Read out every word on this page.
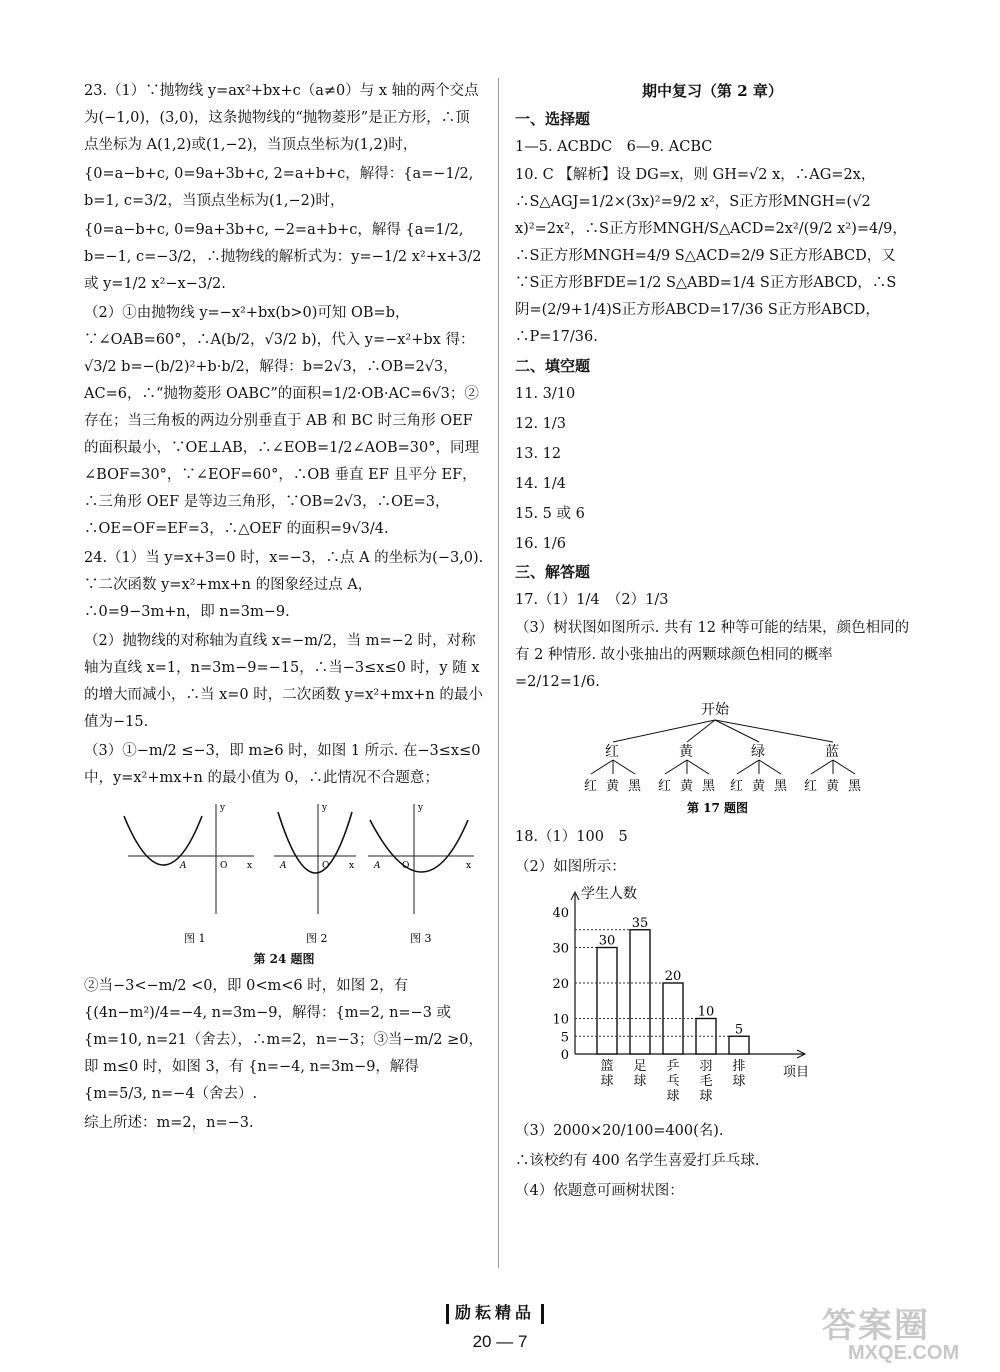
23.（1）∵抛物线 y=ax²+bx+c（a≠0）与 x 轴的两个交点为(−1,0)，(3,0)，这条抛物线的“抛物菱形”是正方形，∴顶点坐标为 A(1,2)或(1,−2)，当顶点坐标为(1,2)时，

{0=a−b+c, 0=9a+3b+c, 2=a+b+c，解得：{a=−1/2, b=1, c=3/2，当顶点坐标为(1,−2)时，

{0=a−b+c, 0=9a+3b+c, −2=a+b+c，解得 {a=1/2, b=−1, c=−3/2，∴抛物线的解析式为：y=−1/2 x²+x+3/2 或 y=1/2 x²−x−3/2.

（2）①由抛物线 y=−x²+bx(b>0)可知 OB=b，∵∠OAB=60°，∴A(b/2，√3/2 b)，代入 y=−x²+bx 得：√3/2 b=−(b/2)²+b·b/2，解得：b=2√3，∴OB=2√3，AC=6，∴“抛物菱形 OABC”的面积=1/2·OB·AC=6√3；②存在；当三角板的两边分别垂直于 AB 和 BC 时三角形 OEF 的面积最小，∵OE⊥AB，∴∠EOB=1/2∠AOB=30°，同理∠BOF=30°，∵∠EOF=60°，∴OB 垂直 EF 且平分 EF，∴三角形 OEF 是等边三角形，∵OB=2√3，∴OE=3，∴OE=OF=EF=3，∴△OEF 的面积=9√3/4.

24.（1）当 y=x+3=0 时，x=−3，∴点 A 的坐标为(−3,0). ∵二次函数 y=x²+mx+n 的图象经过点 A，∴0=9−3m+n，即 n=3m−9.

（2）抛物线的对称轴为直线 x=−m/2，当 m=−2 时，对称轴为直线 x=1，n=3m−9=−15，∴当−3≤x≤0 时，y 随 x 的增大而减小，∴当 x=0 时，二次函数 y=x²+mx+n 的最小值为−15.

（3）①−m/2 ≤−3，即 m≥6 时，如图 1 所示. 在−3≤x≤0 中，y=x²+mx+n 的最小值为 0，∴此情况不合题意；

y
O x
A
图 1
y
O x
A
图 2
y
O	x
A
图 3
第 24 题图

②当−3<−m/2 <0，即 0<m<6 时，如图 2，有 {(4n−m²)/4=−4, n=3m−9，解得：{m=2, n=−3 或 {m=10, n=21（舍去），∴m=2，n=−3；③当−m/2 ≥0，即 m≤0 时，如图 3，有 {n=−4, n=3m−9，解得 {m=5/3, n=−4（舍去）.

综上所述：m=2，n=−3.

期中复习（第 2 章）
一、选择题
1—5. ACBDC　6—9. ACBC

10. C 【解析】设 DG=x，则 GH=√2 x，∴AG=2x，∴S△AGJ=1/2×(3x)²=9/2 x²，S正方形MNGH=(√2 x)²=2x²，∴S正方形MNGH/S△ACD=2x²/(9/2 x²)=4/9，∴S正方形MNGH=4/9 S△ACD=2/9 S正方形ABCD，又∵S正方形BFDE=1/2 S△ABD=1/4 S正方形ABCD，∴S阴=(2/9+1/4)S正方形ABCD=17/36 S正方形ABCD，∴P=17/36.

二、填空题
11. 3/10
12. 1/3
13. 12
14. 1/4
15. 5 或 6
16. 1/6
三、解答题
17.（1）1/4　（2）1/3

（3）树状图如图所示. 共有 12 种等可能的结果，颜色相同的有 2 种情形. 故小张抽出的两颗球颜色相同的概率=2/12=1/6.

开始
红	黄	绿	蓝
红 黄 黑 红 黄 黑 红 黄 黑 红 黄 黑
第 17 题图
18.（1）100　5
（2）如图所示：
学生人数
项目
0
5
10
20
30
40
30
篮
球
35
足
球
20
乒
乓
球
10
羽
毛
球
5
排
球
（3）2000×20/100=400(名).
∴该校约有 400 名学生喜爱打乒乓球.
（4）依题意可画树状图：
励耘精品
20 — 7	答案圈
MXQE.COM
